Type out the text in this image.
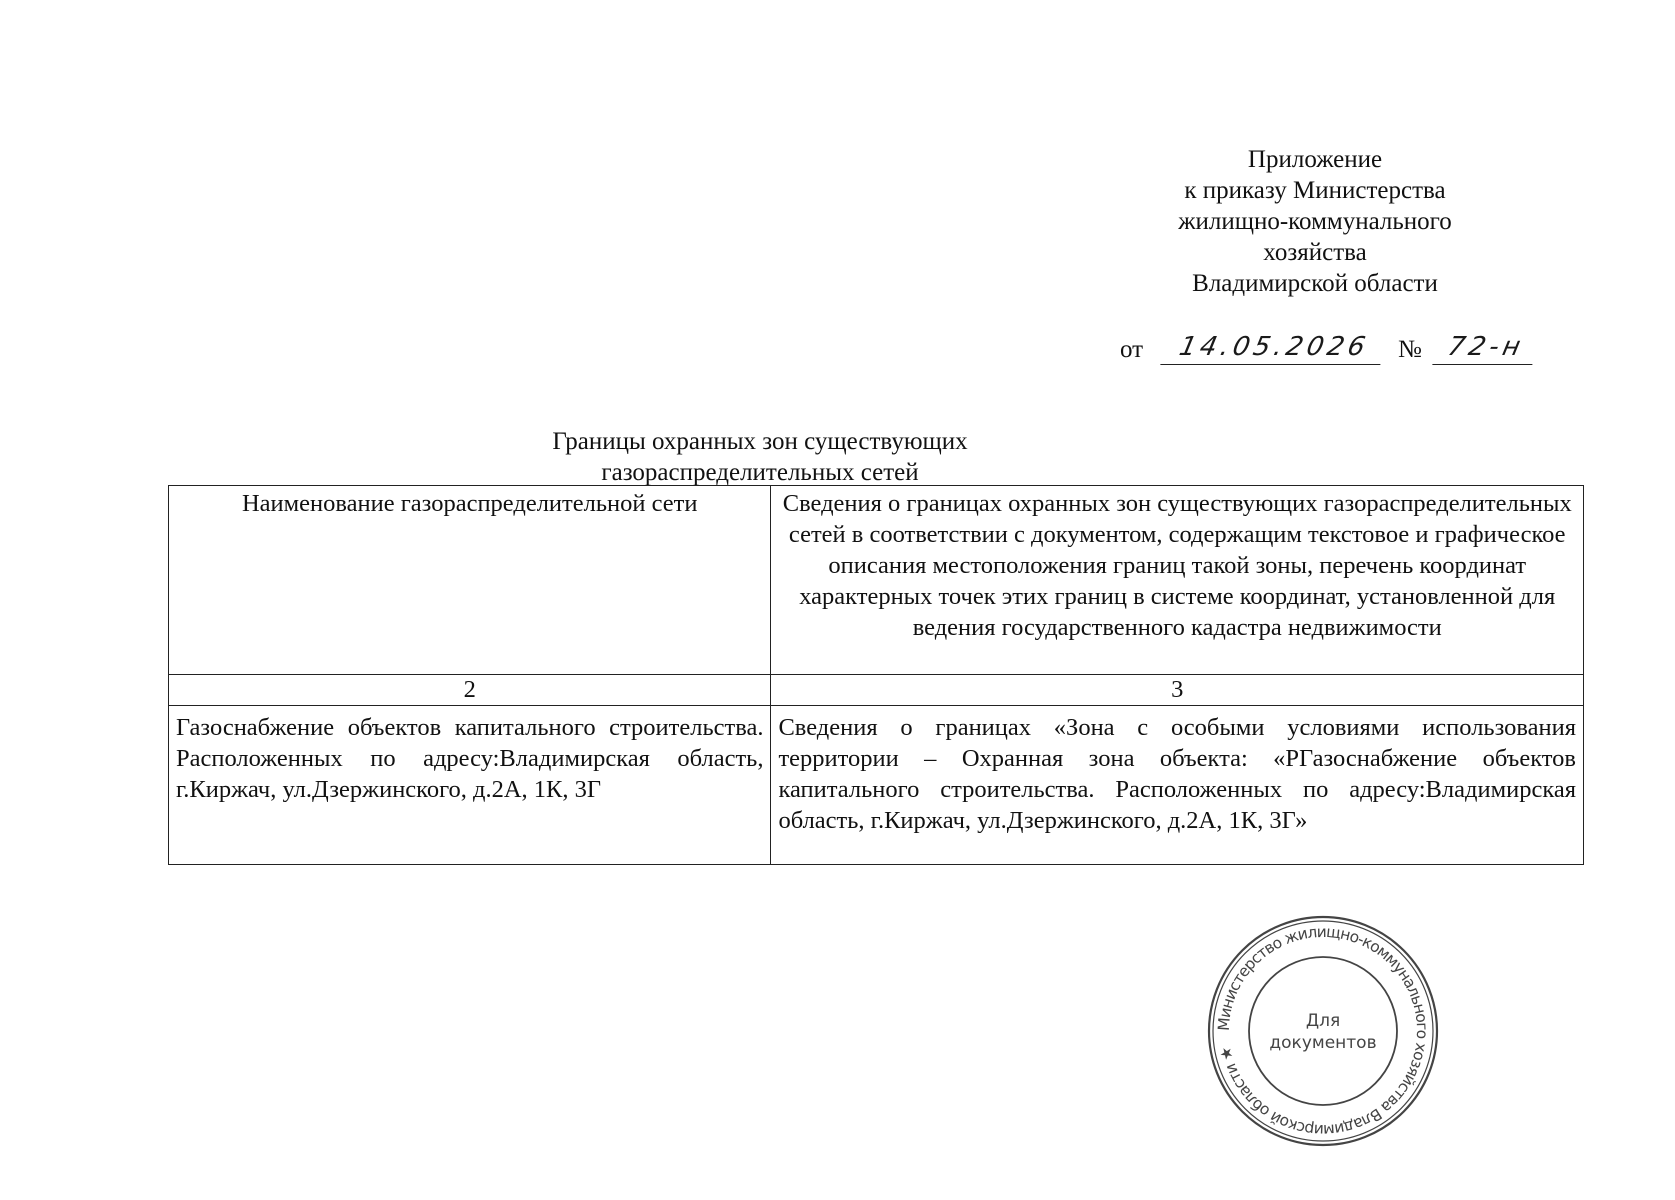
Приложение
к приказу Министерства
жилищно-коммунального
хозяйства
Владимирской области
от	14.05.2026	№ 72-н
Границы охранных зон существующих
газораспределительных сетей
Наименование газораспределительной сети	Сведения о границах охранных зон существующих газораспределительных сетей в соответствии с документом, содержащим текстовое и графическое описания местоположения границ такой зоны, перечень координат характерных точек этих границ в системе координат, установленной для ведения государственного кадастра недвижимости
2	3
Газоснабжение объектов капитального строительства. Расположенных по адресу:Владимирская область, г.Киржач, ул.Дзержинского, д.2А, 1К, 3Г	Сведения о границах «Зона с особыми условиями использования территории – Охранная зона объекта: «РГазоснабжение объектов капитального строительства. Расположенных по адресу:Владимирская область, г.Киржач, ул.Дзержинского, д.2А, 1К, 3Г»
Министерство жилищно-коммунального хозяйства Владимирской области ★
Для
документов
